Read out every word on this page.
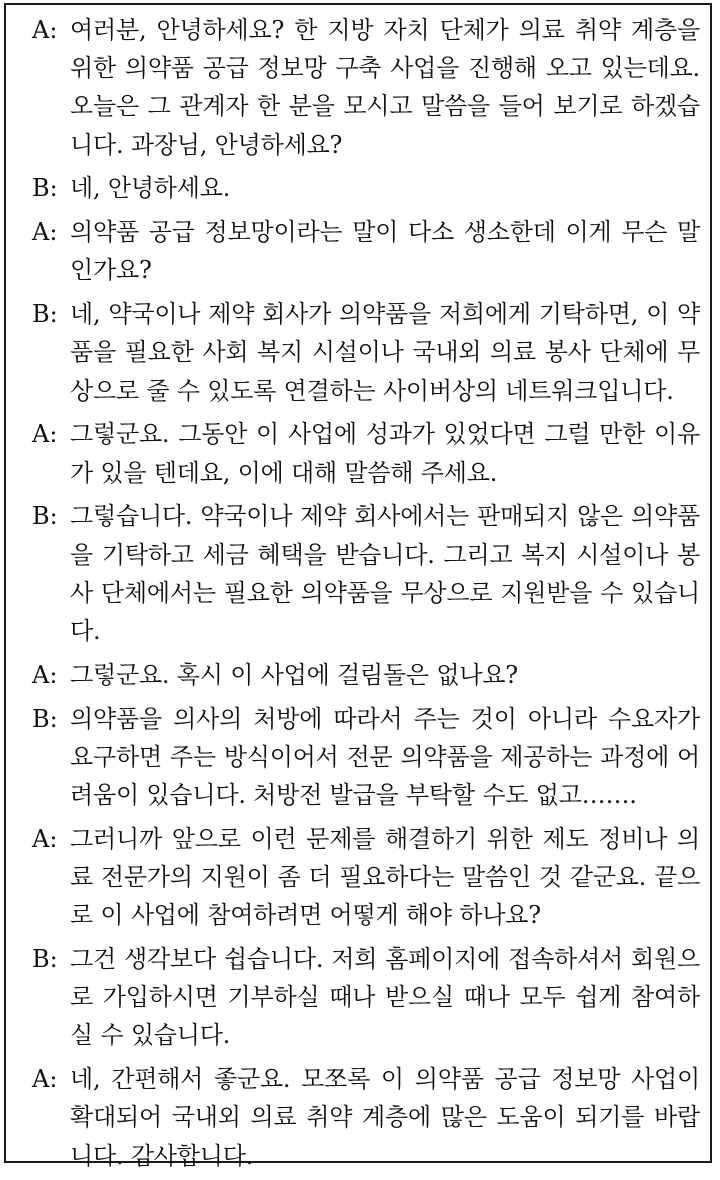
A: 여러분, 안녕하세요? 한 지방 자치 단체가 의료 취약 계층을 위한 의약품 공급 정보망 구축 사업을 진행해 오고 있는데요. 오늘은 그 관계자 한 분을 모시고 말씀을 들어 보기로 하겠습니다. 과장님, 안녕하세요?
B: 네, 안녕하세요.
A: 의약품 공급 정보망이라는 말이 다소 생소한데 이게 무슨 말인가요?
B: 네, 약국이나 제약 회사가 의약품을 저희에게 기탁하면, 이 약품을 필요한 사회 복지 시설이나 국내외 의료 봉사 단체에 무상으로 줄 수 있도록 연결하는 사이버상의 네트워크입니다.
A: 그렇군요. 그동안 이 사업에 성과가 있었다면 그럴 만한 이유가 있을 텐데요, 이에 대해 말씀해 주세요.
B: 그렇습니다. 약국이나 제약 회사에서는 판매되지 않은 의약품을 기탁하고 세금 혜택을 받습니다. 그리고 복지 시설이나 봉사 단체에서는 필요한 의약품을 무상으로 지원받을 수 있습니다.
A: 그렇군요. 혹시 이 사업에 걸림돌은 없나요?
B: 의약품을 의사의 처방에 따라서 주는 것이 아니라 수요자가 요구하면 주는 방식이어서 전문 의약품을 제공하는 과정에 어려움이 있습니다. 처방전 발급을 부탁할 수도 없고…….
A: 그러니까 앞으로 이런 문제를 해결하기 위한 제도 정비나 의료 전문가의 지원이 좀 더 필요하다는 말씀인 것 같군요. 끝으로 이 사업에 참여하려면 어떻게 해야 하나요?
B: 그건 생각보다 쉽습니다. 저희 홈페이지에 접속하셔서 회원으로 가입하시면 기부하실 때나 받으실 때나 모두 쉽게 참여하실 수 있습니다.
A: 네, 간편해서 좋군요. 모쪼록 이 의약품 공급 정보망 사업이 확대되어 국내외 의료 취약 계층에 많은 도움이 되기를 바랍니다. 감사합니다.
